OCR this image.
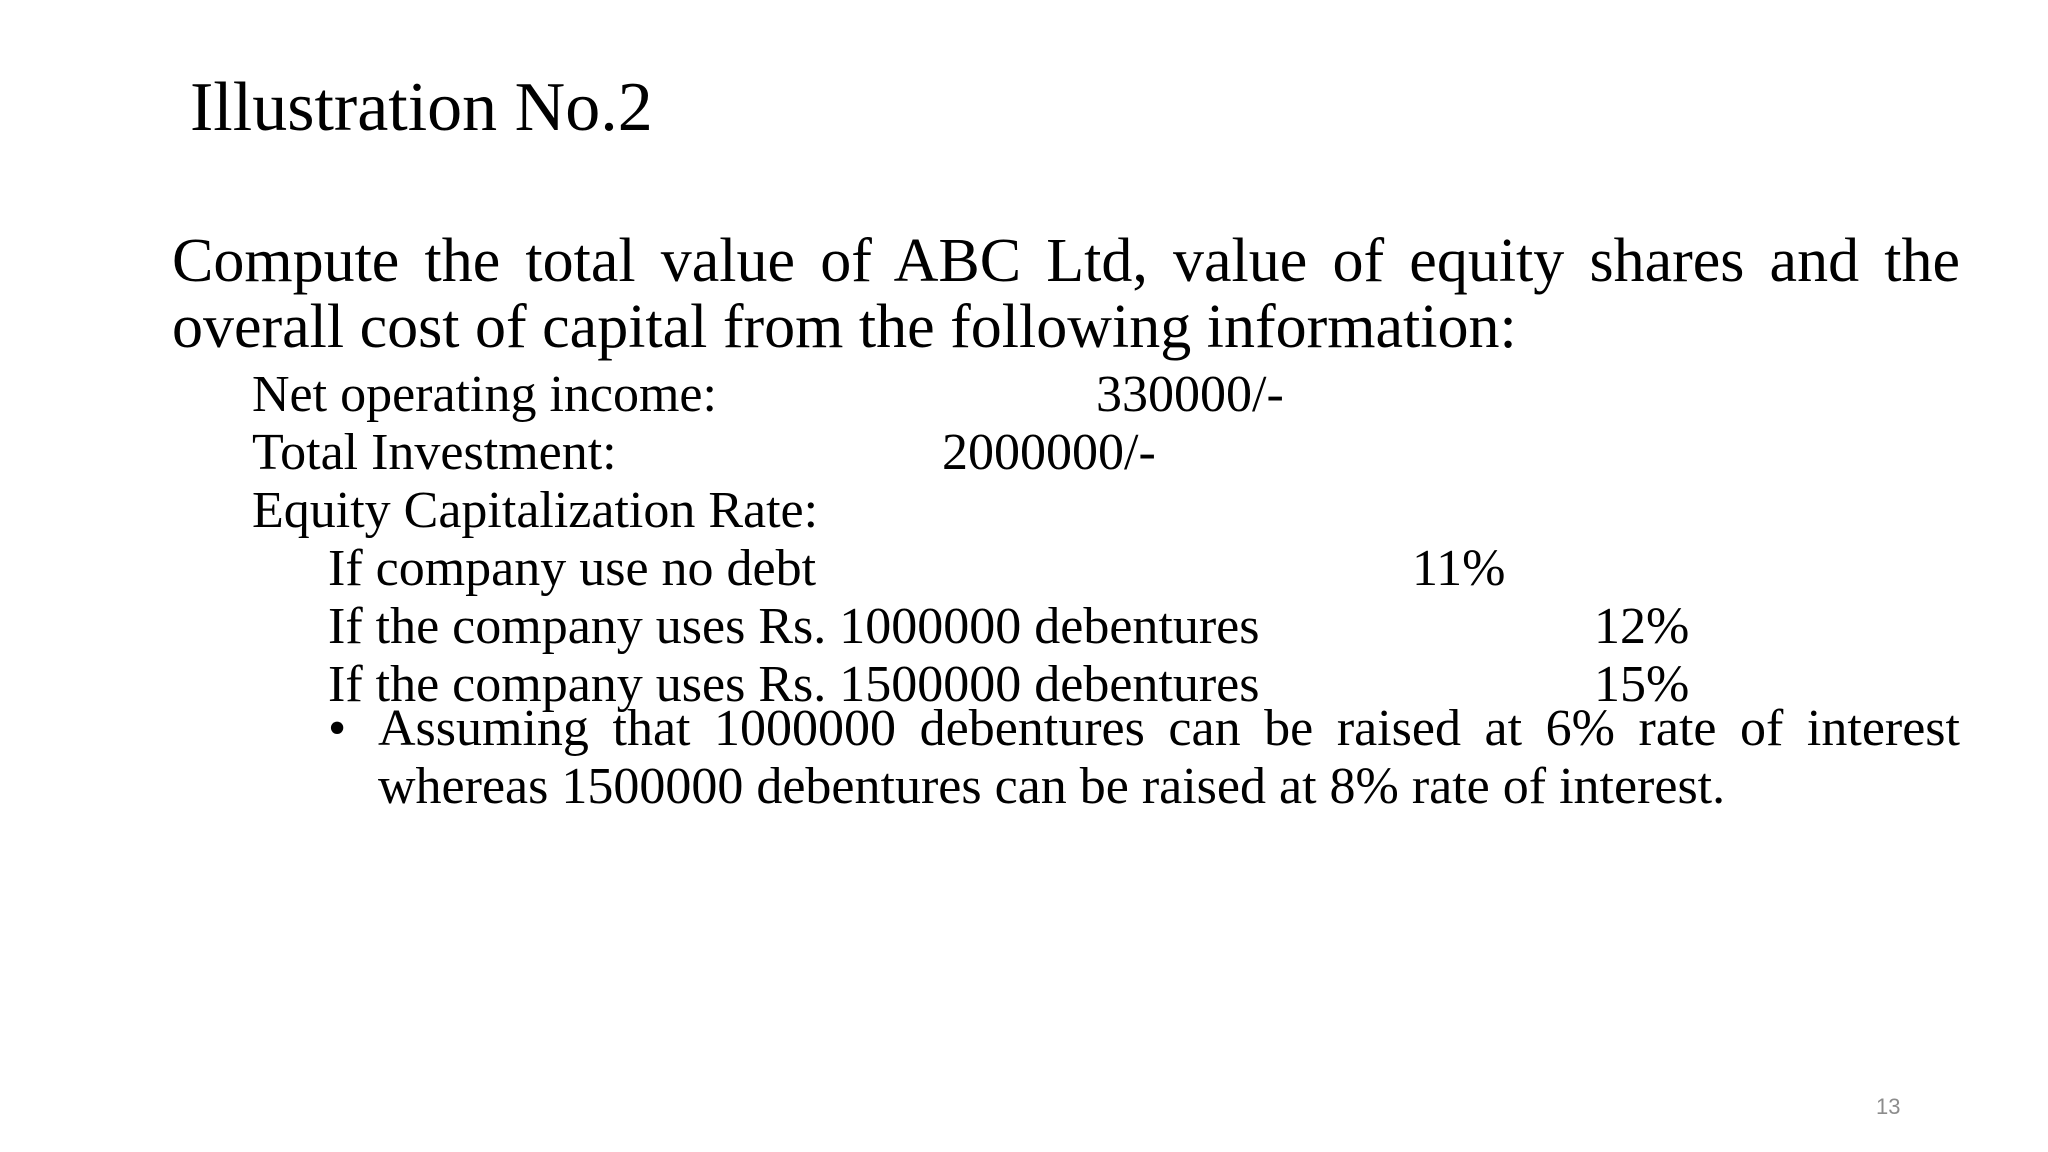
Illustration No.2
Compute the total value of ABC Ltd, value of equity shares and the overall cost of capital from the following information:
Net operating income:	330000/-
Total Investment:	2000000/-
Equity Capitalization Rate:
If company use no debt	11%
If the company uses Rs. 1000000 debentures	12%
If the company uses Rs. 1500000 debentures	15%
• Assuming that 1000000 debentures can be raised at 6% rate of interest whereas 1500000 debentures can be raised at 8% rate of interest.
13
